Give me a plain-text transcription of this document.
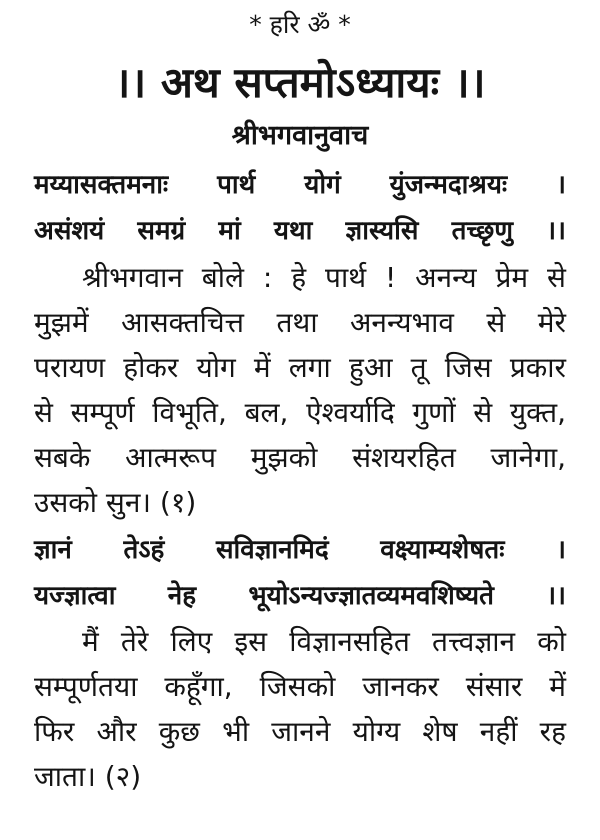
* हरि ॐ *
।। अथ सप्तमोऽध्यायः ।।
श्रीभगवानुवाच
मय्यासक्तमनाः पार्थ योगं युंजन्मदाश्रयः ।
असंशयं समग्रं मां यथा ज्ञास्यसि तच्छृणु ।।
श्रीभगवान बोले : हे पार्थ ! अनन्य प्रेम से
मुझमें आसक्तचित्त तथा अनन्यभाव से मेरे
परायण होकर योग में लगा हुआ तू जिस प्रकार
से सम्पूर्ण विभूति, बल, ऐश्वर्यादि गुणों से युक्त,
सबके आत्मरूप मुझको संशयरहित जानेगा,
उसको सुन। (१)
ज्ञानं तेऽहं सविज्ञानमिदं वक्ष्याम्यशेषतः ।
यज्ज्ञात्वा नेह भूयोऽन्यज्ज्ञातव्यमवशिष्यते ।।
मैं तेरे लिए इस विज्ञानसहित तत्त्वज्ञान को
सम्पूर्णतया कहूँगा, जिसको जानकर संसार में
फिर और कुछ भी जानने योग्य शेष नहीं रह
जाता। (२)
